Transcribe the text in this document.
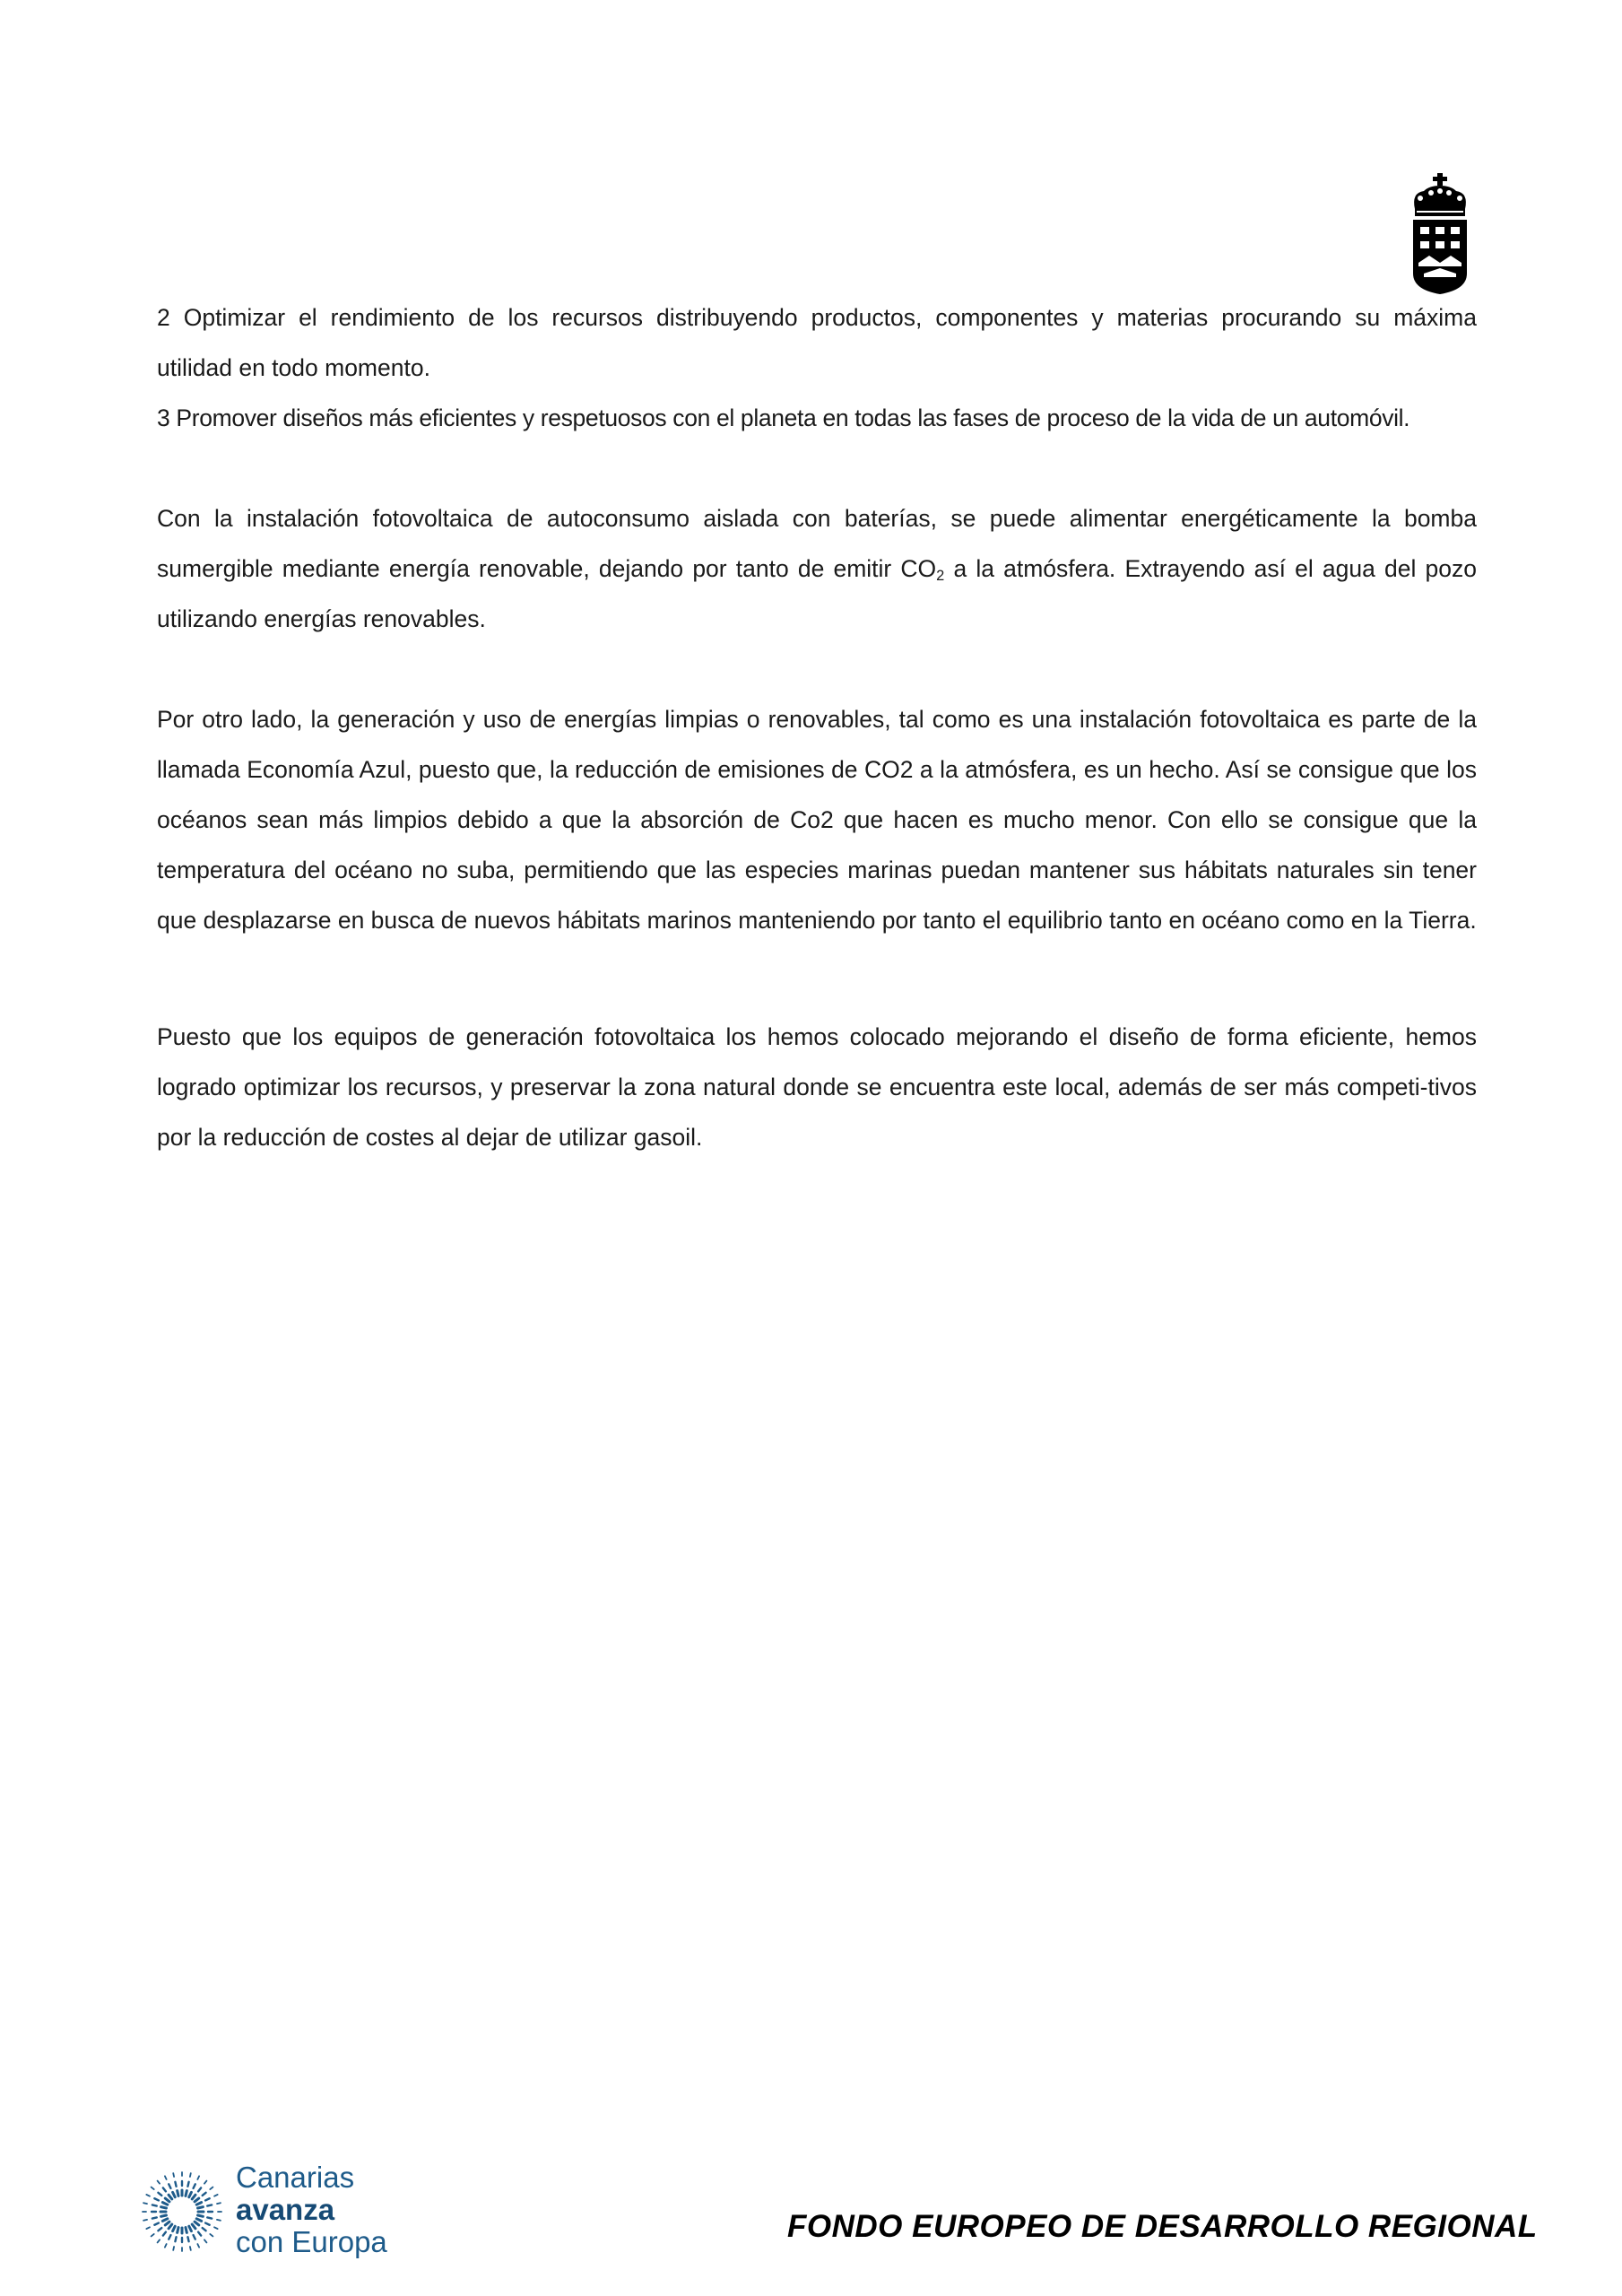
2 Optimizar el rendimiento de los recursos distribuyendo productos, componentes y materias procurando su máxima

utilidad en todo momento.

3 Promover diseños más eficientes y respetuosos con el planeta en todas las fases de proceso de la vida de un automóvil.

Con la instalación fotovoltaica de autoconsumo aislada con baterías, se puede alimentar energéticamente la bomba sumergible mediante energía renovable, dejando por tanto de emitir $CO_2$ a la atmósfera. Extrayendo así el agua del pozo utilizando energías renovables.

Por otro lado, la generación y uso de energías limpias o renovables, tal como es una instalación fotovoltaica es parte de la llamada Economía Azul, puesto que, la reducción de emisiones de CO2 a la atmósfera, es un hecho. Así se consigue que los océanos sean más limpios debido a que la absorción de Co2 que hacen es mucho menor. Con ello se consigue que la temperatura del océano no suba, permitiendo que las especies marinas puedan mantener sus hábitats naturales sin tener que desplazarse en busca de nuevos hábitats marinos manteniendo por tanto el equilibrio tanto en océano como en la Tierra.

Puesto que los equipos de generación fotovoltaica los hemos colocado mejorando el diseño de forma eficiente, hemos logrado optimizar los recursos, y preservar la zona natural donde se encuentra este local, además de ser más competi-tivos por la reducción de costes al dejar de utilizar gasoil.

Canarias
avanza
con Europa	FONDO EUROPEO DE DESARROLLO REGIONAL
